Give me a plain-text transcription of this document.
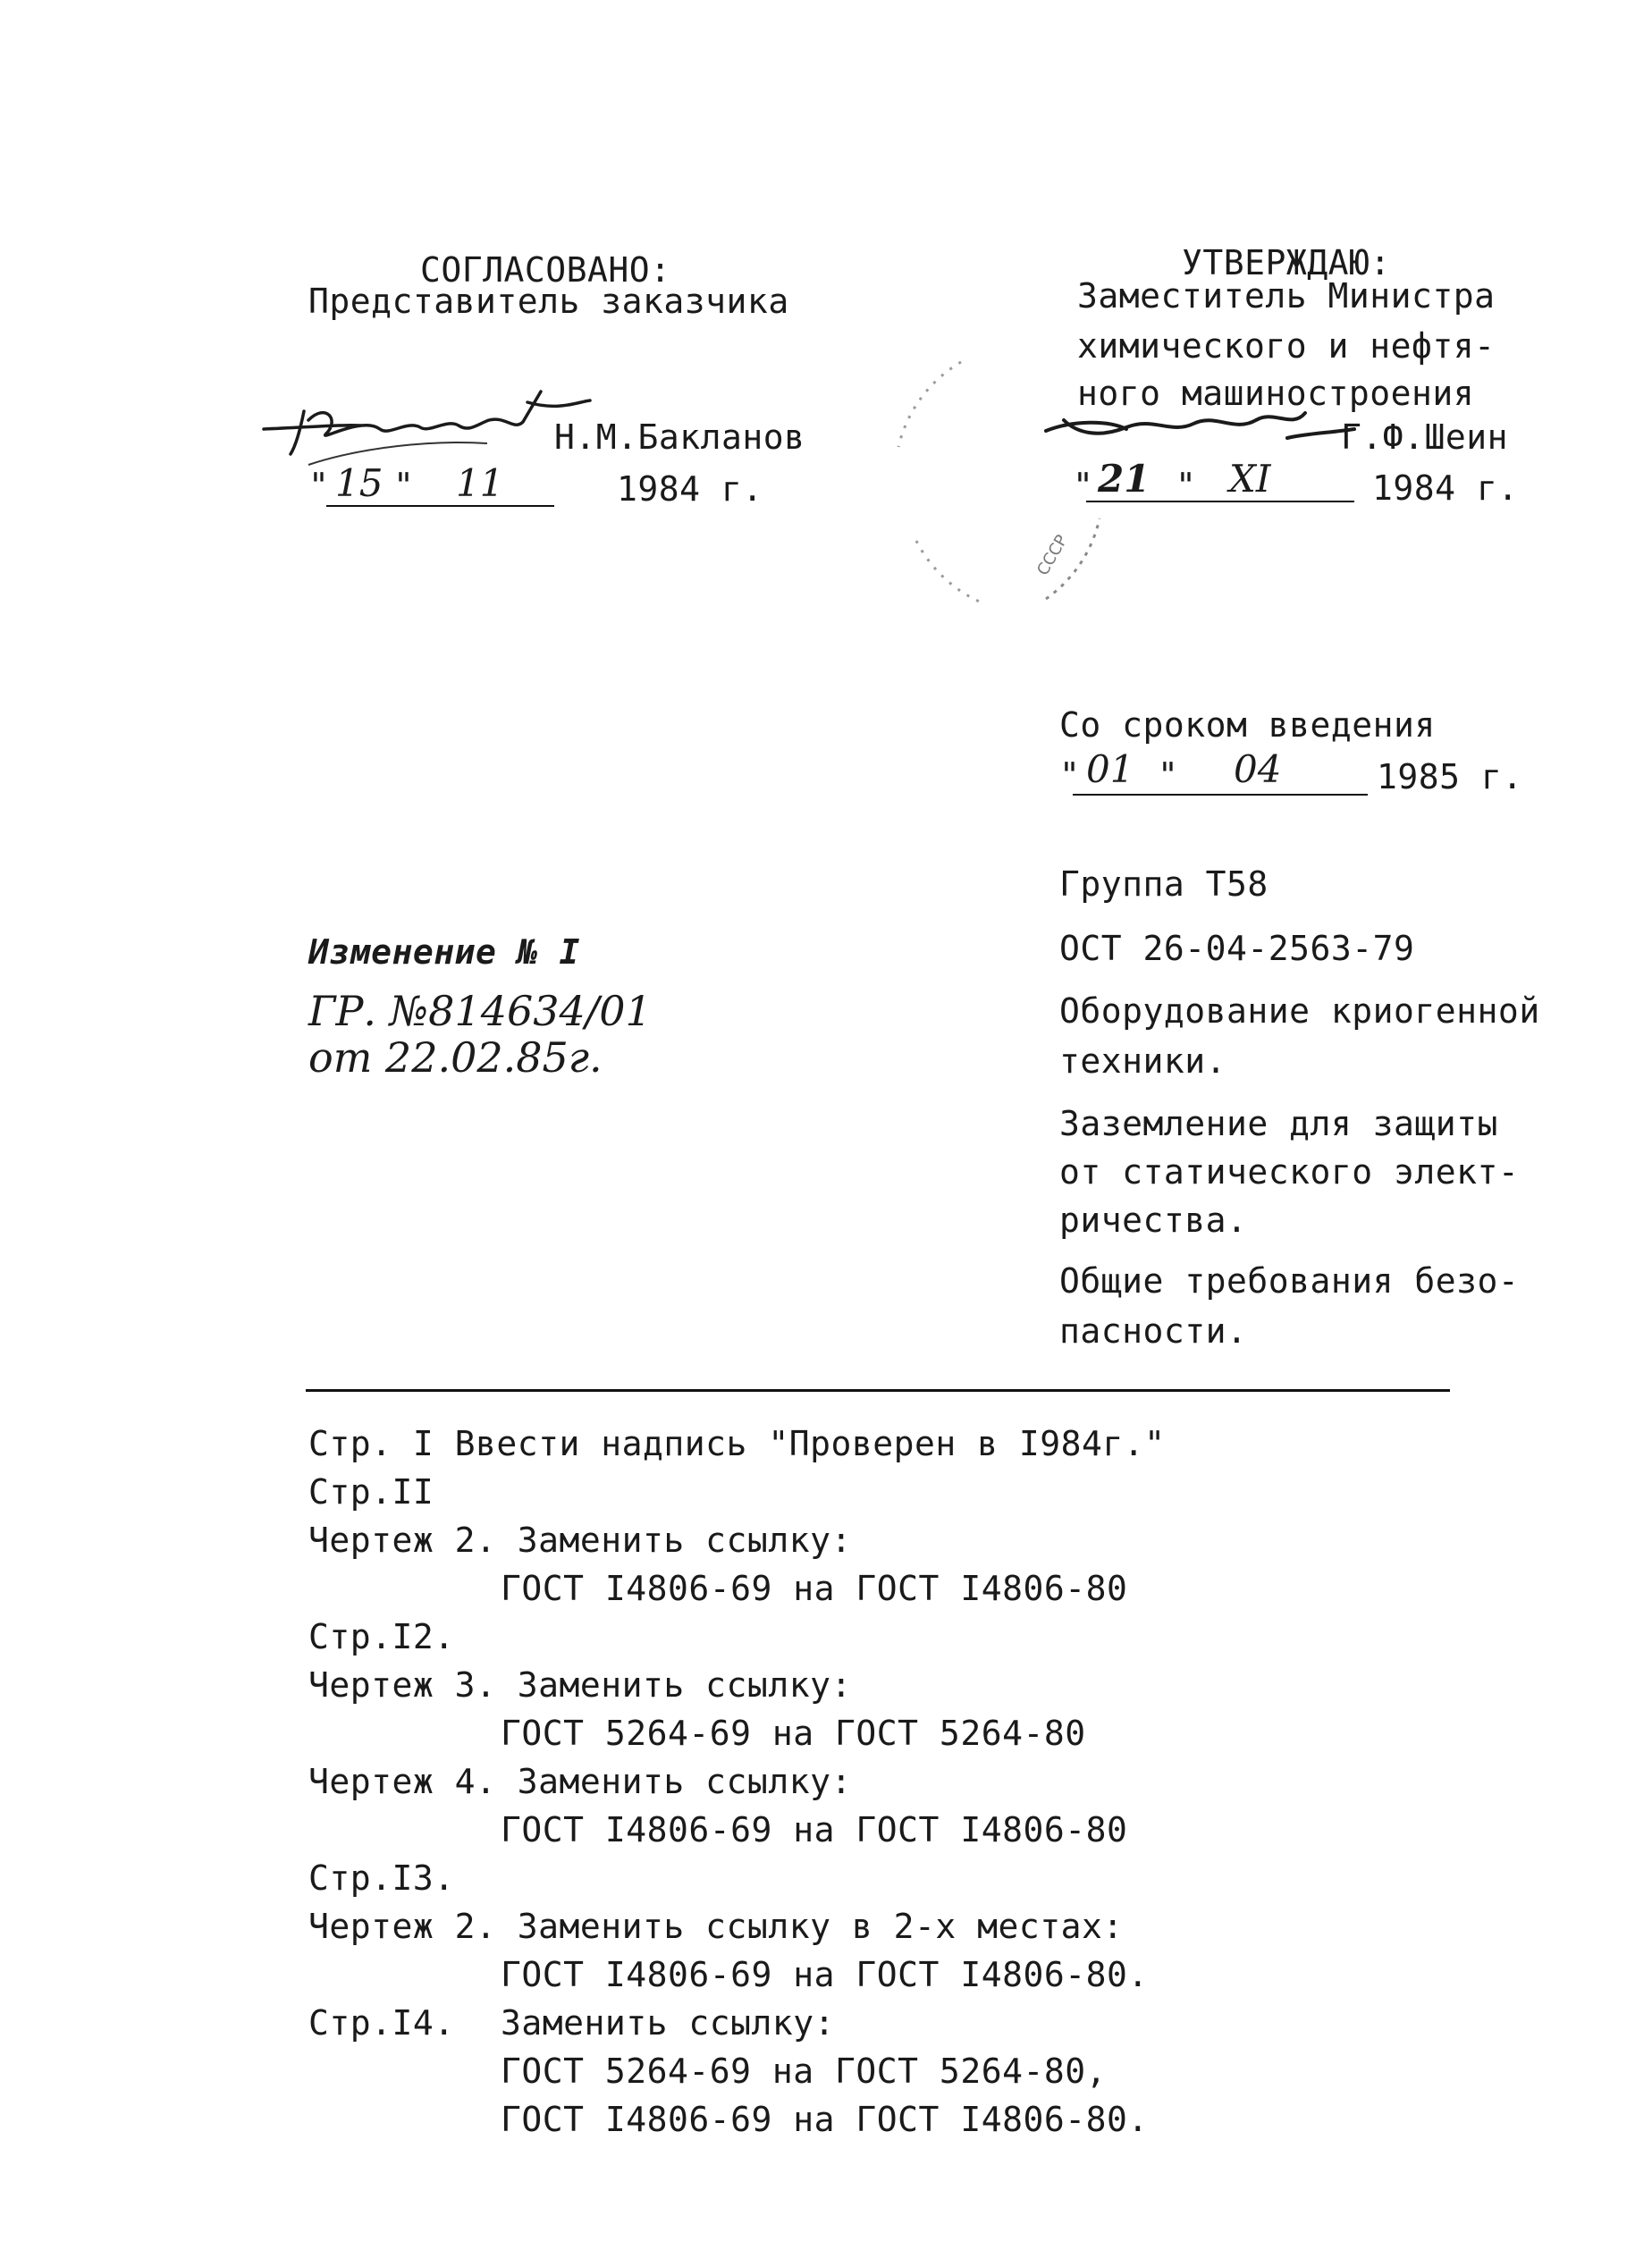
СОГЛАСОВАНО:
Представитель заказчика
Н.М.Бакланов
" 15 " 11	1984 г.
УТВЕРЖДАЮ:
Заместитель Министра
химического и нефтя-
ного машиностроения
СССР
Г.Ф.Шеин
" 21 " XI	1984 г.
Со сроком введения
" 01 " 04	1985 г.
Изменение № I
ГР. №814634/01
от 22.02.85г.
Группа Т58
ОСТ 26-04-2563-79
Оборудование криогенной
техники.
Заземление для защиты
от статического элект-
ричества.
Общие требования безо-
пасности.
Стр. I Ввести надпись "Проверен в I984г."
Стр.II
Чертеж 2. Заменить ссылку:
ГОСТ I4806-69 на ГОСТ I4806-80
Стр.I2.
Чертеж 3. Заменить ссылку:
ГОСТ 5264-69 на ГОСТ 5264-80
Чертеж 4. Заменить ссылку:
ГОСТ I4806-69 на ГОСТ I4806-80
Стр.I3.
Чертеж 2. Заменить ссылку в 2-х местах:
ГОСТ I4806-69 на ГОСТ I4806-80.
Стр.I4. Заменить ссылку:
ГОСТ 5264-69 на ГОСТ 5264-80,
ГОСТ I4806-69 на ГОСТ I4806-80.
